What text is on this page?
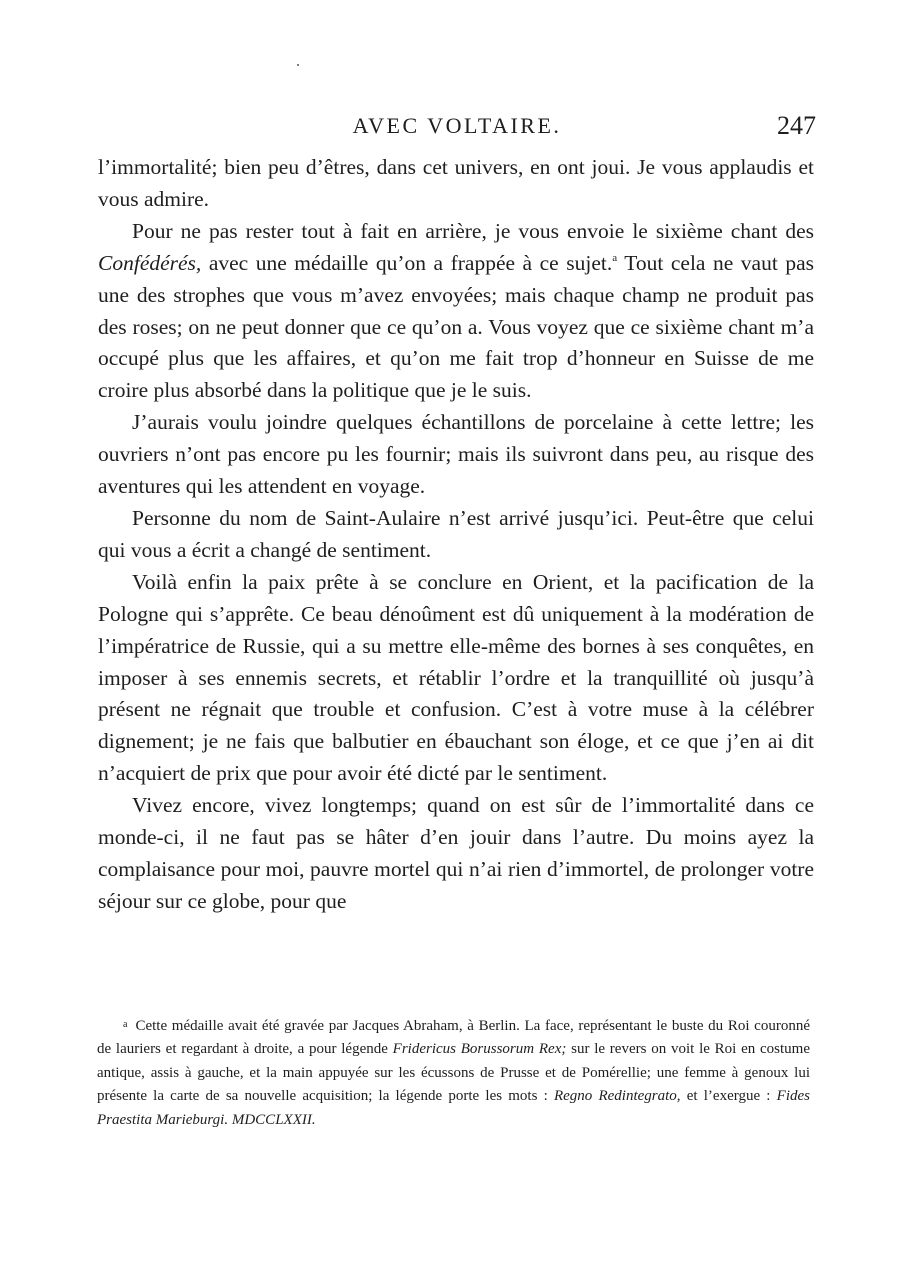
AVEC VOLTAIRE.	247

l’immortalité; bien peu d’êtres, dans cet univers, en ont joui. Je vous applaudis et vous admire.

Pour ne pas rester tout à fait en arrière, je vous envoie le sixième chant des Confédérés, avec une médaille qu’on a frappée à ce sujet.$^a$ Tout cela ne vaut pas une des strophes que vous m’avez envoyées; mais chaque champ ne produit pas des roses; on ne peut donner que ce qu’on a. Vous voyez que ce sixième chant m’a occupé plus que les affaires, et qu’on me fait trop d’honneur en Suisse de me croire plus absorbé dans la politique que je le suis.

J’aurais voulu joindre quelques échantillons de porcelaine à cette lettre; les ouvriers n’ont pas encore pu les fournir; mais ils suivront dans peu, au risque des aventures qui les attendent en voyage.

Personne du nom de Saint-Aulaire n’est arrivé jusqu’ici. Peut-être que celui qui vous a écrit a changé de sentiment.

Voilà enfin la paix prête à se conclure en Orient, et la pacification de la Pologne qui s’apprête. Ce beau dénoûment est dû uniquement à la modération de l’impératrice de Russie, qui a su mettre elle-même des bornes à ses conquêtes, en imposer à ses ennemis secrets, et rétablir l’ordre et la tranquillité où jusqu’à présent ne régnait que trouble et confusion. C’est à votre muse à la célébrer dignement; je ne fais que balbutier en ébauchant son éloge, et ce que j’en ai dit n’acquiert de prix que pour avoir été dicté par le sentiment.

Vivez encore, vivez longtemps; quand on est sûr de l’immortalité dans ce monde-ci, il ne faut pas se hâter d’en jouir dans l’autre. Du moins ayez la complaisance pour moi, pauvre mortel qui n’ai rien d’immortel, de prolonger votre séjour sur ce globe, pour que

$^a$ Cette médaille avait été gravée par Jacques Abraham, à Berlin. La face, représentant le buste du Roi couronné de lauriers et regardant à droite, a pour légende Fridericus Borussorum Rex; sur le revers on voit le Roi en costume antique, assis à gauche, et la main appuyée sur les écussons de Prusse et de Pomérellie; une femme à genoux lui présente la carte de sa nouvelle acquisition; la légende porte les mots : Regno Redintegrato, et l’exergue : Fides Praestita Marieburgi. MDCCLXXII.
